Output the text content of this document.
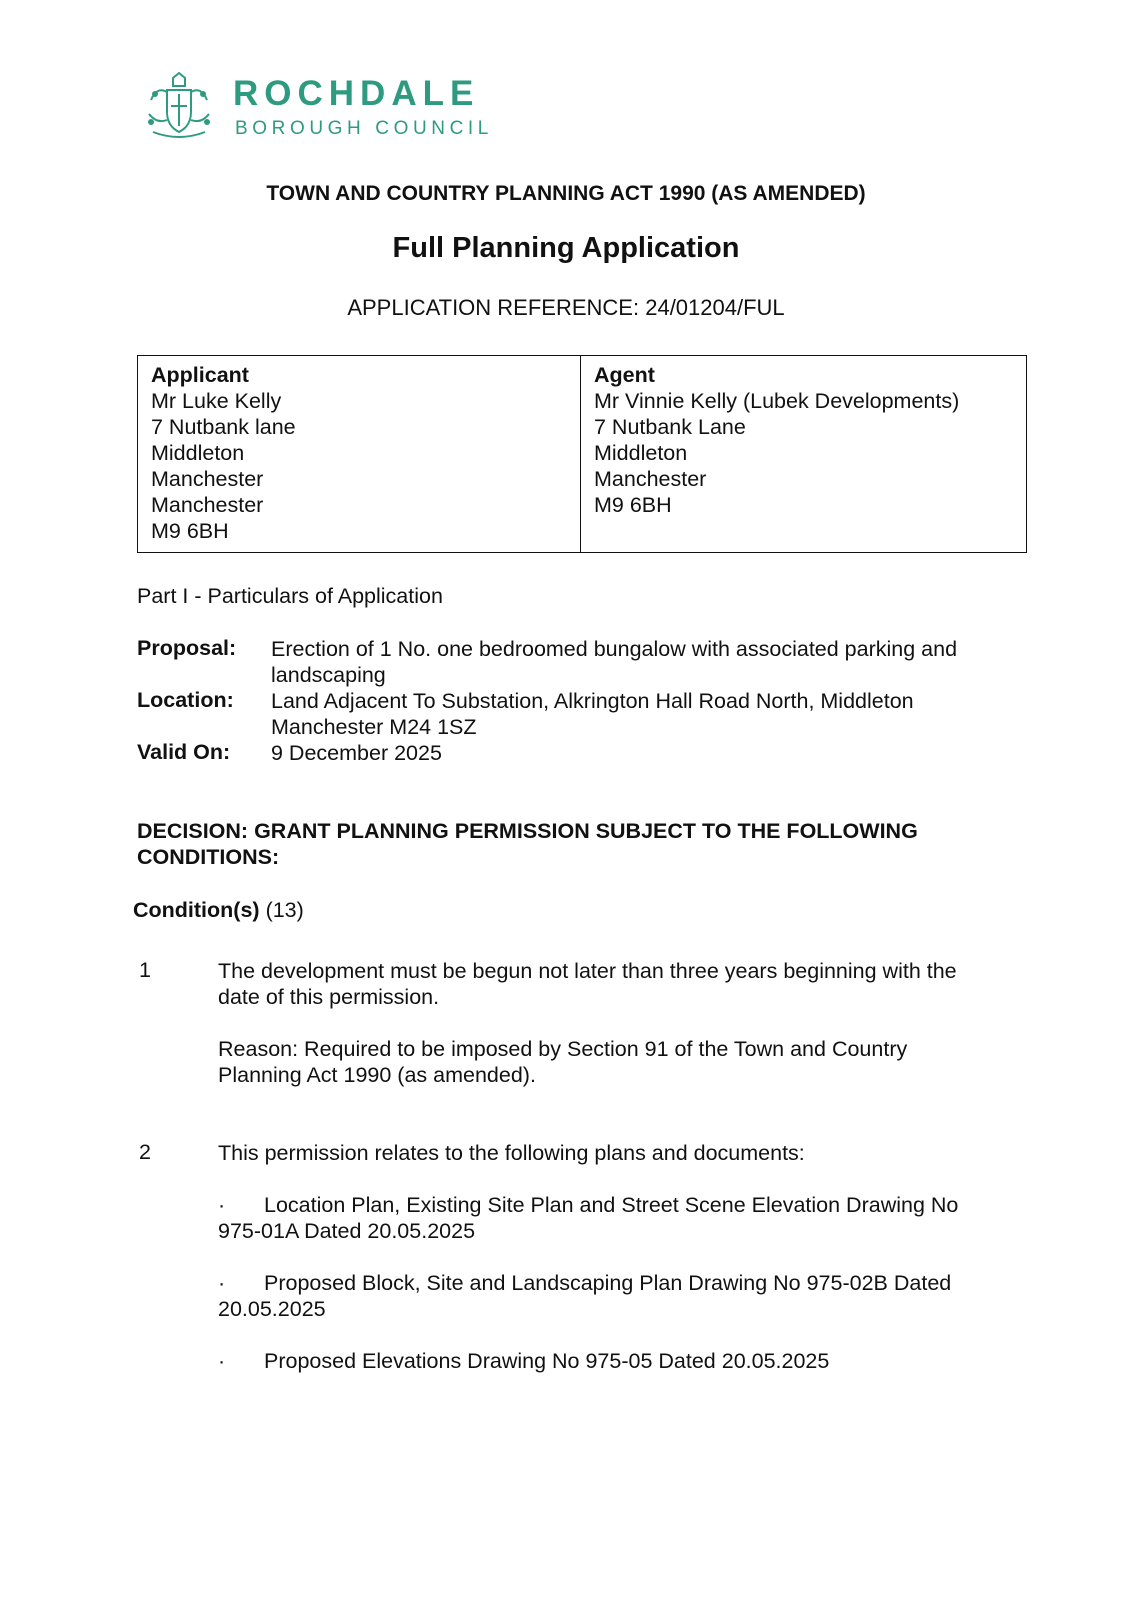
ROCHDALE
BOROUGH COUNCIL
TOWN AND COUNTRY PLANNING ACT 1990 (AS AMENDED)
Full Planning Application
APPLICATION REFERENCE: 24/01204/FUL
Applicant
Mr Luke Kelly
7 Nutbank lane
Middleton
Manchester
Manchester
M9 6BH
Agent
Mr Vinnie Kelly (Lubek Developments)
7 Nutbank Lane
Middleton
Manchester
M9 6BH
Part I - Particulars of Application
Proposal: Erection of 1 No. one bedroomed bungalow with associated parking and landscaping
Location: Land Adjacent To Substation, Alkrington Hall Road North, Middleton Manchester M24 1SZ
Valid On: 9 December 2025
DECISION: GRANT PLANNING PERMISSION SUBJECT TO THE FOLLOWING CONDITIONS:
Condition(s) (13)
1	The development must be begun not later than three years beginning with the date of this permission.
Reason: Required to be imposed by Section 91 of the Town and Country Planning Act 1990 (as amended).
2	This permission relates to the following plans and documents:
·	Location Plan, Existing Site Plan and Street Scene Elevation Drawing No 975-01A Dated 20.05.2025
·	Proposed Block, Site and Landscaping Plan Drawing No 975-02B Dated 20.05.2025
·	Proposed Elevations Drawing No 975-05 Dated 20.05.2025
